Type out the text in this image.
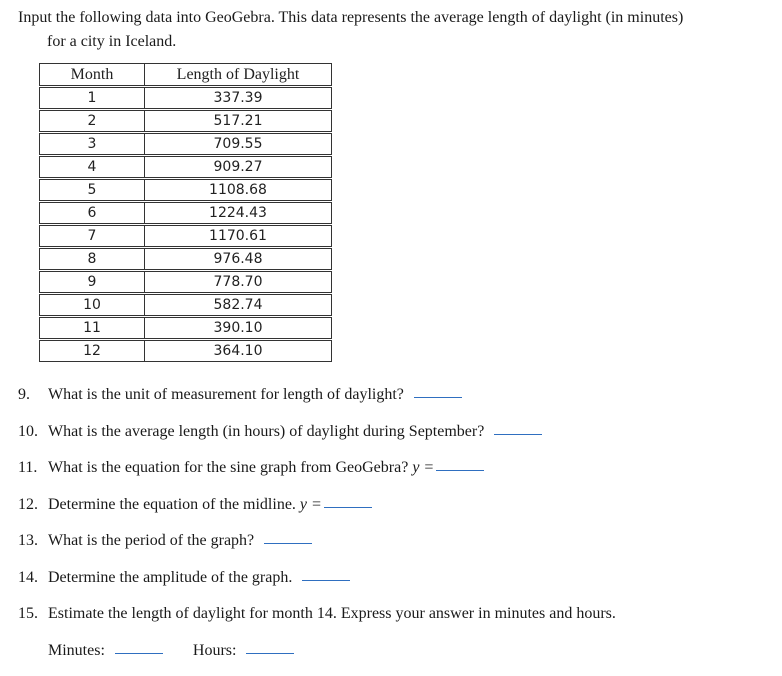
Input the following data into GeoGebra. This data represents the average length of daylight (in minutes)
for a city in Iceland.
Month	Length of Daylight
1	337.39
2	517.21
3	709.55
4	909.27
5	1108.68
6	1224.43
7	1170.61
8	976.48
9	778.70
10	582.74
11	390.10
12	364.10
9. What is the unit of measurement for length of daylight?
10. What is the average length (in hours) of daylight during September?
11. What is the equation for the sine graph from GeoGebra? y =
12. Determine the equation of the midline. y =
13. What is the period of the graph?
14. Determine the amplitude of the graph.
15. Estimate the length of daylight for month 14. Express your answer in minutes and hours.
Minutes:	Hours:
